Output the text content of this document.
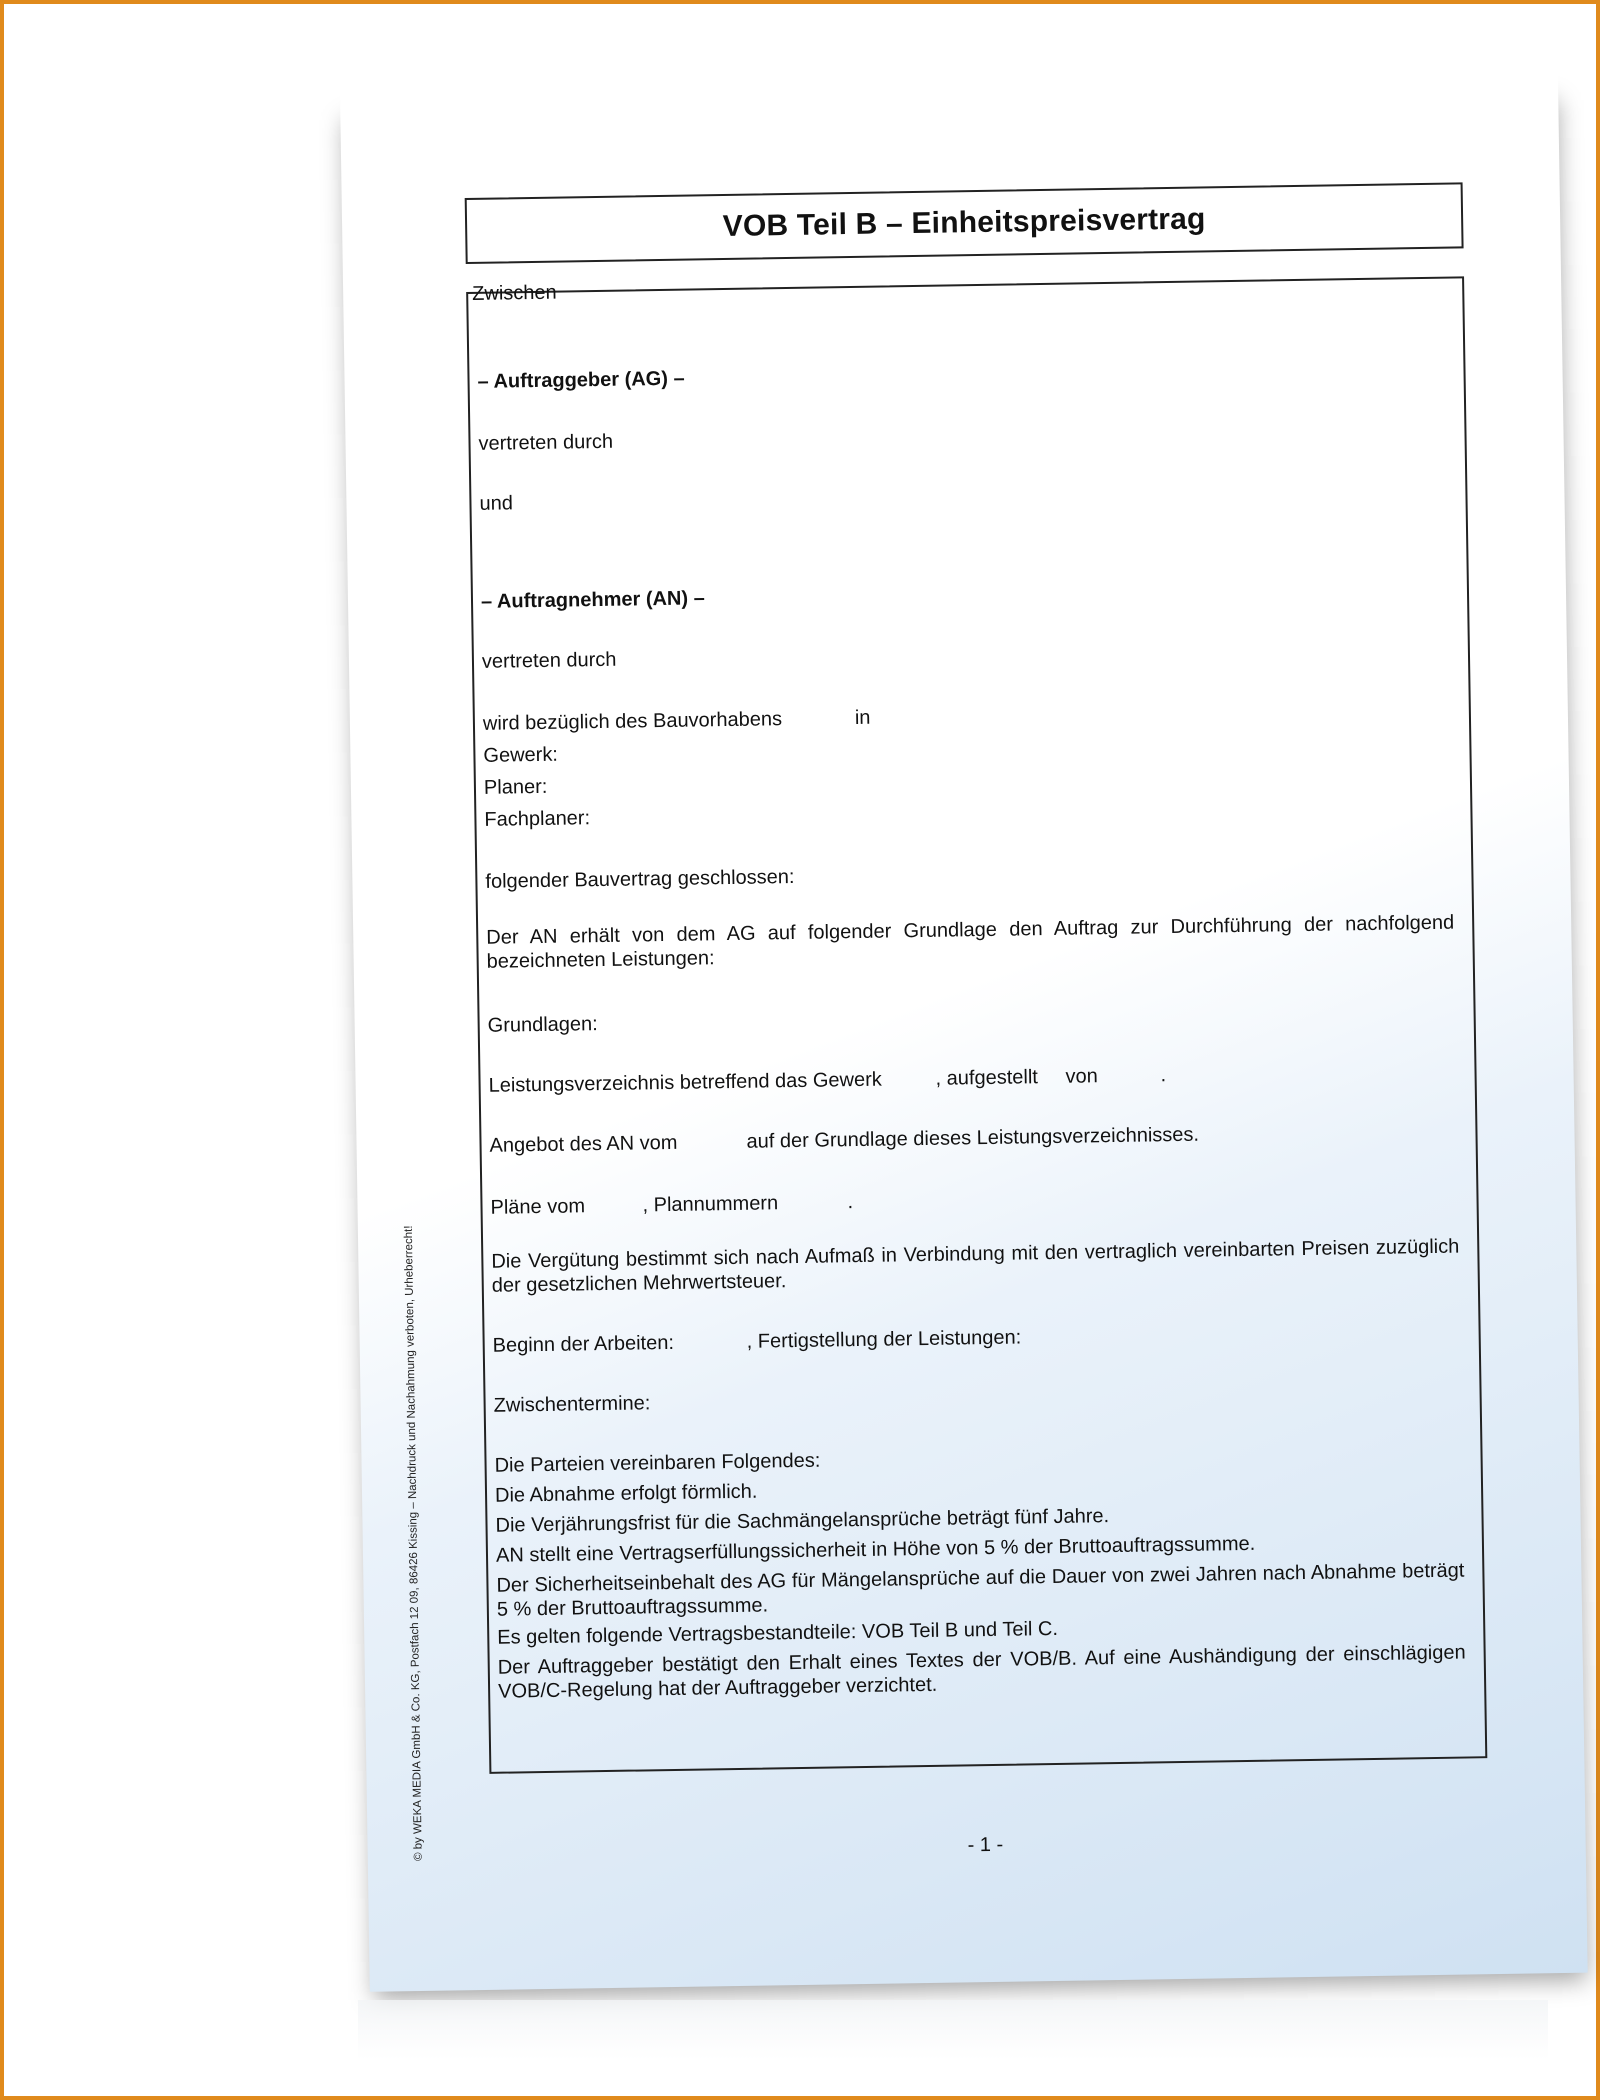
© by WEKA MEDIA GmbH & Co. KG, Postfach 12 09, 86426 Kissing – Nachdruck und Nachahmung verboten, Urheberrecht!
VOB Teil B – Einheitspreisvertrag
Zwischen
– Auftraggeber (AG) –
vertreten durch
und
– Auftragnehmer (AN) –
vertreten durch
wird bezüglich des Bauvorhabens	in
Gewerk:
Planer:
Fachplaner:
folgender Bauvertrag geschlossen:
Der AN erhält von dem AG auf folgender Grundlage den Auftrag zur Durchführung der nachfolgend bezeichneten Leistungen:
Grundlagen:
Leistungsverzeichnis betreffend das Gewerk	, aufgestellt von	.
Angebot des AN vom	auf der Grundlage dieses Leistungsverzeichnisses.
Pläne vom	, Plannummern	.
Die Vergütung bestimmt sich nach Aufmaß in Verbindung mit den vertraglich vereinbarten Preisen zuzüglich der gesetzlichen Mehrwertsteuer.
Beginn der Arbeiten:	, Fertigstellung der Leistungen:
Zwischentermine:
Die Parteien vereinbaren Folgendes:
Die Abnahme erfolgt förmlich.
Die Verjährungsfrist für die Sachmängelansprüche beträgt fünf Jahre.
AN stellt eine Vertragserfüllungssicherheit in Höhe von 5 % der Bruttoauftragssumme.
Der Sicherheitseinbehalt des AG für Mängelansprüche auf die Dauer von zwei Jahren nach Abnahme beträgt 5 % der Bruttoauftragssumme.
Es gelten folgende Vertragsbestandteile: VOB Teil B und Teil C.
Der Auftraggeber bestätigt den Erhalt eines Textes der VOB/B. Auf eine Aushändigung der einschlägigen VOB/C-Regelung hat der Auftraggeber verzichtet.
- 1 -
